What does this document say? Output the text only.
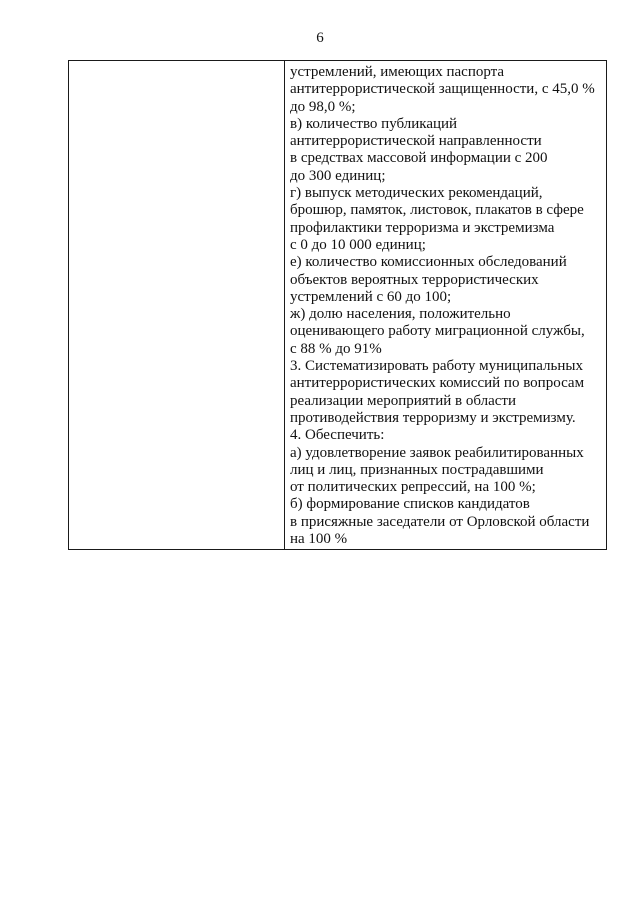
6
устремлений, имеющих паспорта
антитеррористической защищенности, с 45,0 %
до 98,0 %;
в) количество публикаций
антитеррористической направленности
в средствах массовой информации с 200
до 300 единиц;
г) выпуск методических рекомендаций,
брошюр, памяток, листовок, плакатов в сфере
профилактики терроризма и экстремизма
с 0 до 10 000 единиц;
е) количество комиссионных обследований
объектов вероятных террористических
устремлений с 60 до 100;
ж) долю населения, положительно
оценивающего работу миграционной службы,
с 88 % до 91%
3. Систематизировать работу муниципальных
антитеррористических комиссий по вопросам
реализации мероприятий в области
противодействия терроризму и экстремизму.
4. Обеспечить:
а) удовлетворение заявок реабилитированных
лиц и лиц, признанных пострадавшими
от политических репрессий, на 100 %;
б) формирование списков кандидатов
в присяжные заседатели от Орловской области
на 100 %
